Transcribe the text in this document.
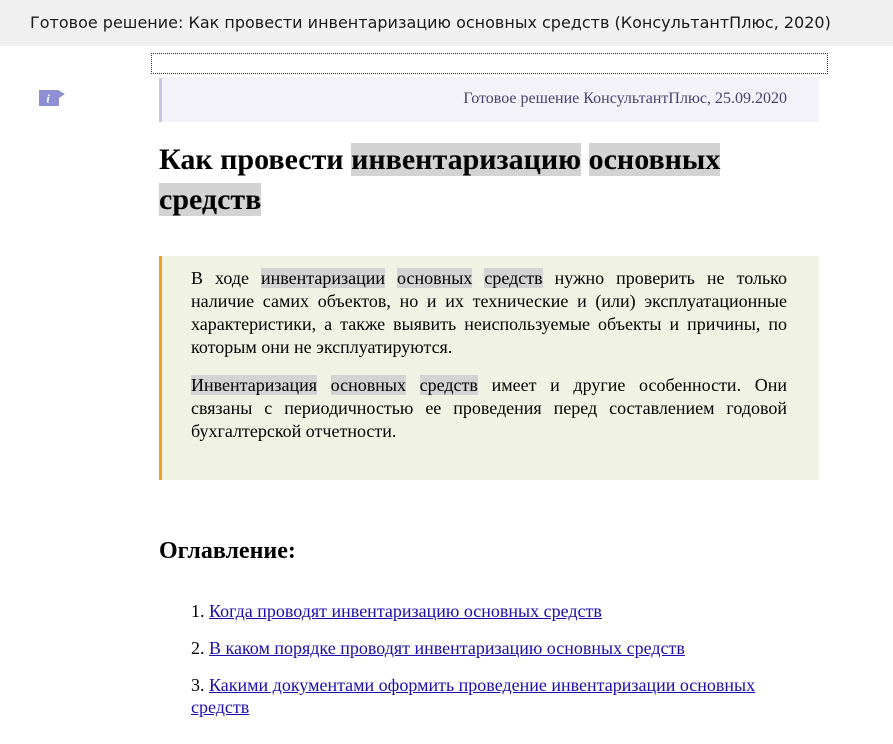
Готовое решение: Как провести инвентаризацию основных средств (КонсультантПлюс, 2020)
i	Готовое решение КонсультантПлюс, 25.09.2020
Как провести инвентаризацию основных средств

В ходе инвентаризации основных средств нужно проверить не только наличие самих объектов, но и их технические и (или) эксплуатационные характеристики, а также выявить неиспользуемые объекты и причины, по которым они не эксплуатируются.

Инвентаризация основных средств имеет и другие особенности. Они связаны с периодичностью ее проведения перед составлением годовой бухгалтерской отчетности.

Оглавление:
1. Когда проводят инвентаризацию основных средств
2. В каком порядке проводят инвентаризацию основных средств
3. Какими документами оформить проведение инвентаризации основных средств
